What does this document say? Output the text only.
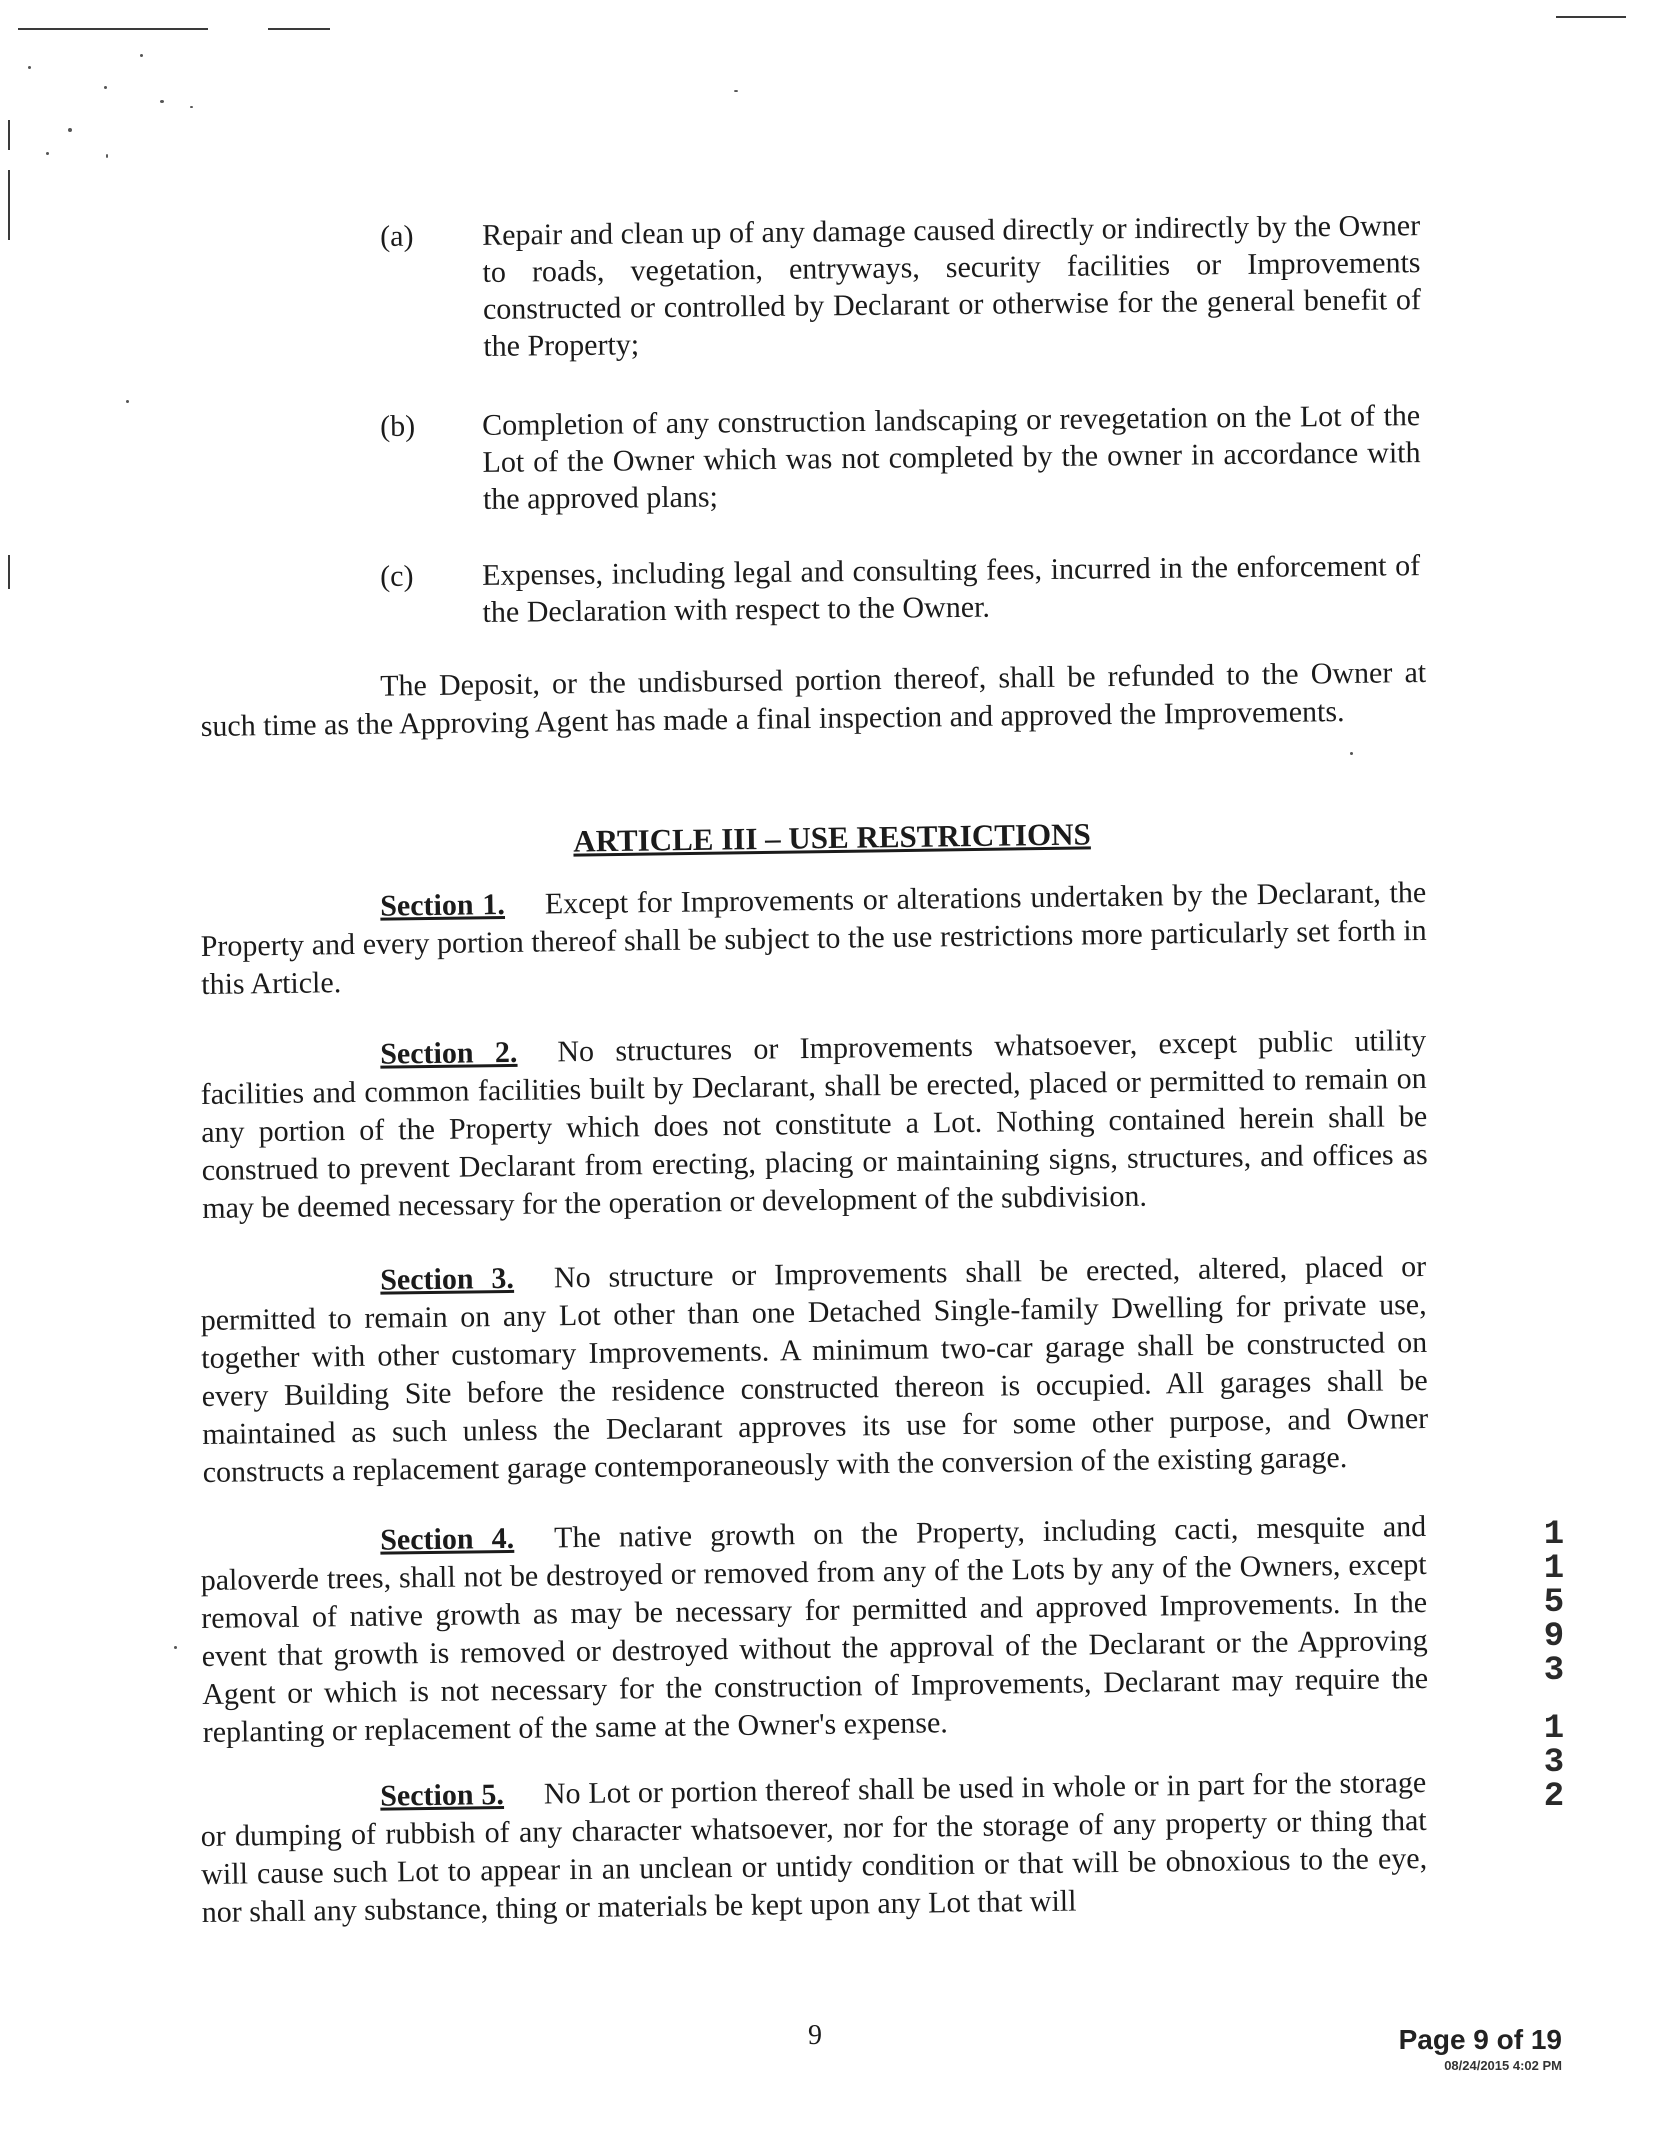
(a)	Repair and clean up of any damage caused directly or indirectly by the Owner to roads, vegetation, entryways, security facilities or Improvements constructed or controlled by Declarant or otherwise for the general benefit of the Property;
(b)	Completion of any construction landscaping or revegetation on the Lot of the Lot of the Owner which was not completed by the owner in accordance with the approved plans;
(c)	Expenses, including legal and consulting fees, incurred in the enforcement of the Declaration with respect to the Owner.
The Deposit, or the undisbursed portion thereof, shall be refunded to the Owner at such time as the Approving Agent has made a final inspection and approved the Improvements.
ARTICLE III – USE RESTRICTIONS
Section 1. Except for Improvements or alterations undertaken by the Declarant, the Property and every portion thereof shall be subject to the use restrictions more particularly set forth in this Article.
Section 2. No structures or Improvements whatsoever, except public utility facilities and common facilities built by Declarant, shall be erected, placed or permitted to remain on any portion of the Property which does not constitute a Lot. Nothing contained herein shall be construed to prevent Declarant from erecting, placing or maintaining signs, structures, and offices as may be deemed necessary for the operation or development of the subdivision.
Section 3. No structure or Improvements shall be erected, altered, placed or permitted to remain on any Lot other than one Detached Single-family Dwelling for private use, together with other customary Improvements. A minimum two-car garage shall be constructed on every Building Site before the residence constructed thereon is occupied. All garages shall be maintained as such unless the Declarant approves its use for some other purpose, and Owner constructs a replacement garage contemporaneously with the conversion of the existing garage.
Section 4. The native growth on the Property, including cacti, mesquite and paloverde trees, shall not be destroyed or removed from any of the Lots by any of the Owners, except removal of native growth as may be necessary for permitted and approved Improvements. In the event that growth is removed or destroyed without the approval of the Declarant or the Approving Agent or which is not necessary for the construction of Improvements, Declarant may require the replanting or replacement of the same at the Owner's expense.
Section 5. No Lot or portion thereof shall be used in whole or in part for the storage or dumping of rubbish of any character whatsoever, nor for the storage of any property or thing that will cause such Lot to appear in an unclean or untidy condition or that will be obnoxious to the eye, nor shall any substance, thing or materials be kept upon any Lot that will
1
1
5
9
3
1
3
2
9	Page 9 of 19
08/24/2015 4:02 PM
